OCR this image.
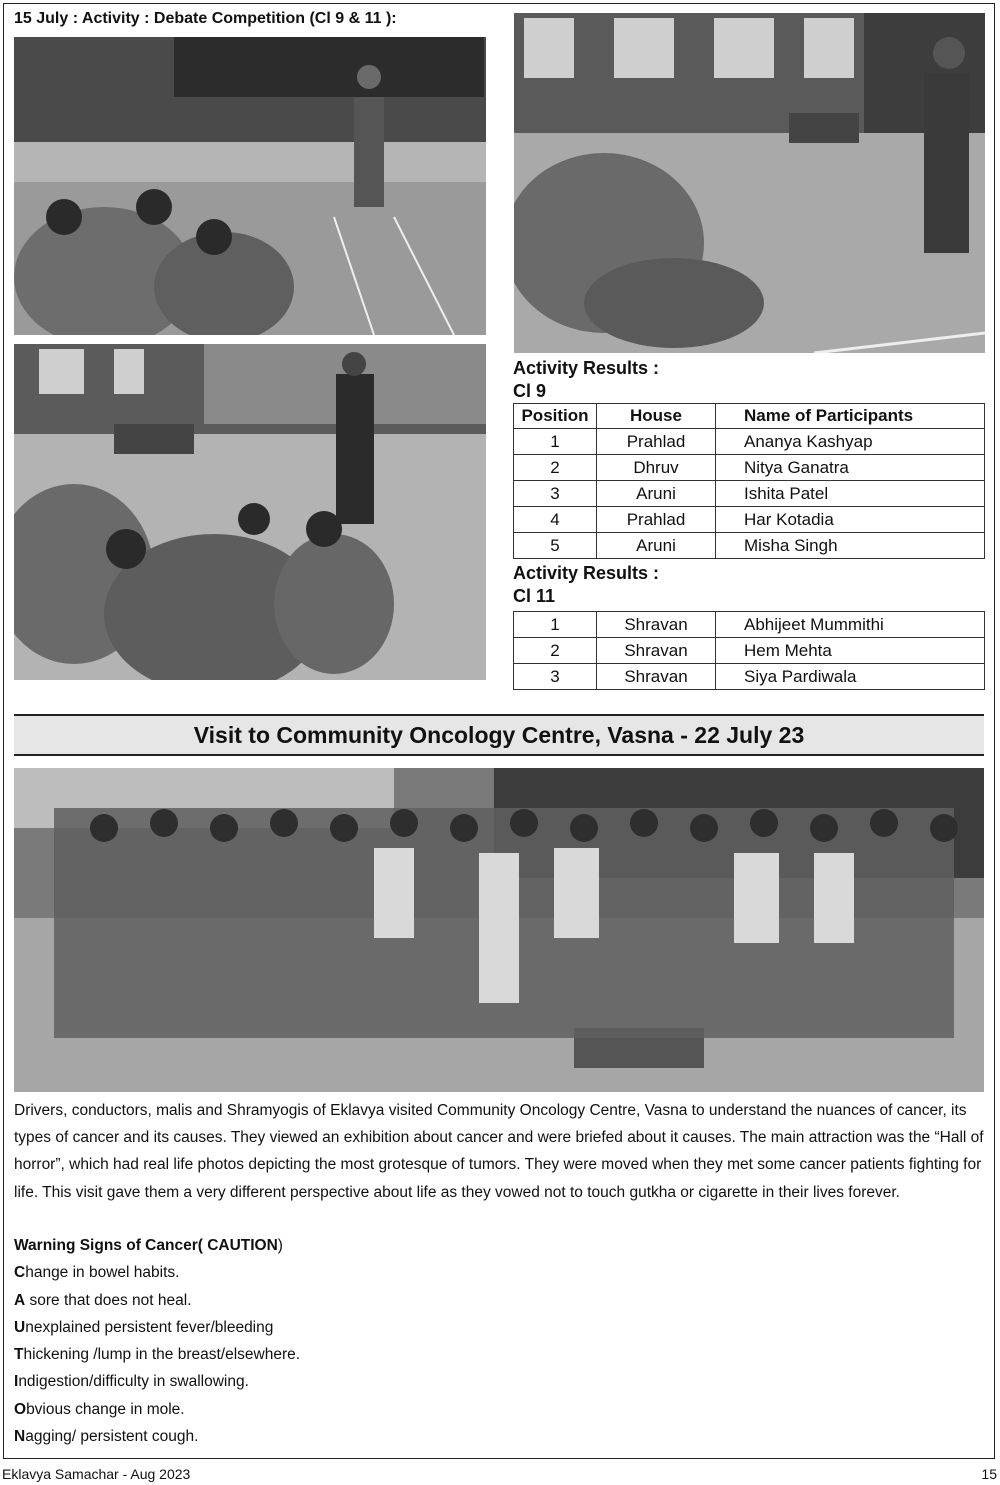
15 July : Activity : Debate Competition (Cl 9 & 11 ):
Activity Results :
Cl 9
Position	House	Name of Participants
1	Prahlad	Ananya Kashyap
2	Dhruv	Nitya Ganatra
3	Aruni	Ishita Patel
4	Prahlad	Har Kotadia
5	Aruni	Misha Singh
Activity Results :
Cl 11
1	Shravan	Abhijeet Mummithi
2	Shravan	Hem Mehta
3	Shravan	Siya Pardiwala
Visit to Community Oncology Centre, Vasna - 22 July 23
Drivers, conductors, malis and Shramyogis of Eklavya visited Community Oncology Centre, Vasna to understand the nuances of cancer, its types of cancer and its causes. They viewed an exhibition about cancer and were briefed about it causes. The main attraction was the “Hall of horror”, which had real life photos depicting the most grotesque of tumors. They were moved when they met some cancer patients fighting for life. This visit gave them a very different perspective about life as they vowed not to touch gutkha or cigarette in their lives forever.
Warning Signs of Cancer( CAUTION)
Change in bowel habits.
A sore that does not heal.
Unexplained persistent fever/bleeding
Thickening /lump in the breast/elsewhere.
Indigestion/difficulty in swallowing.
Obvious change in mole.
Nagging/ persistent cough.
Eklavya Samachar - Aug 2023	15
